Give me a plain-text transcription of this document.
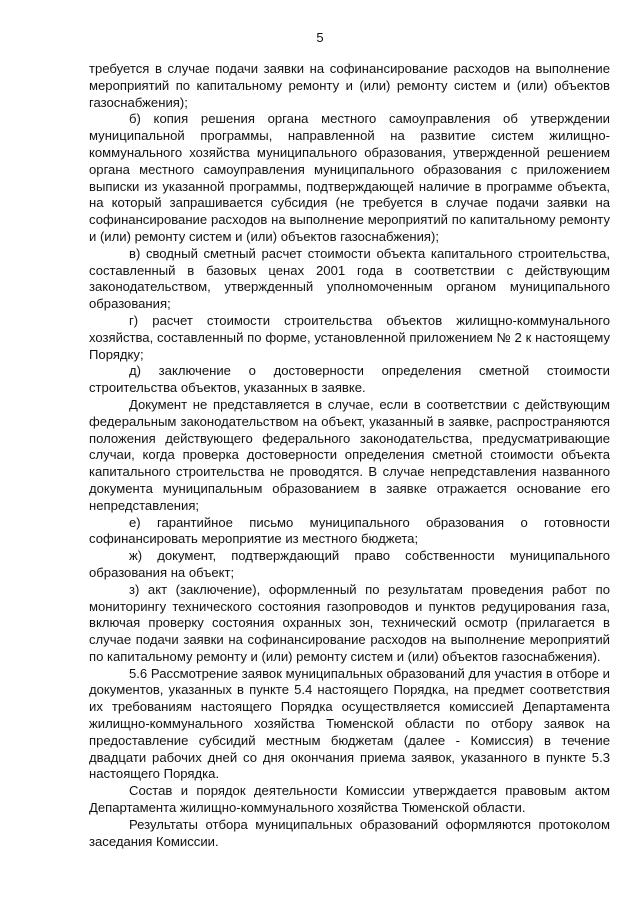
5

требуется в случае подачи заявки на софинансирование расходов на выполнение мероприятий по капитальному ремонту и (или) ремонту систем и (или) объектов газоснабжения);

б) копия решения органа местного самоуправления об утверждении муниципальной программы, направленной на развитие систем жилищно-коммунального хозяйства муниципального образования, утвержденной решением органа местного самоуправления муниципального образования с приложением выписки из указанной программы, подтверждающей наличие в программе объекта, на который запрашивается субсидия (не требуется в случае подачи заявки на софинансирование расходов на выполнение мероприятий по капитальному ремонту и (или) ремонту систем и (или) объектов газоснабжения);

в) сводный сметный расчет стоимости объекта капитального строительства, составленный в базовых ценах 2001 года в соответствии с действующим законодательством, утвержденный уполномоченным органом муниципального образования;

г) расчет стоимости строительства объектов жилищно-коммунального хозяйства, составленный по форме, установленной приложением № 2 к настоящему Порядку;

д) заключение о достоверности определения сметной стоимости строительства объектов, указанных в заявке.

Документ не представляется в случае, если в соответствии с действующим федеральным законодательством на объект, указанный в заявке, распространяются положения действующего федерального законодательства, предусматривающие случаи, когда проверка достоверности определения сметной стоимости объекта капитального строительства не проводятся. В случае непредставления названного документа муниципальным образованием в заявке отражается основание его непредставления;

е) гарантийное письмо муниципального образования о готовности софинансировать мероприятие из местного бюджета;

ж) документ, подтверждающий право собственности муниципального образования на объект;

з) акт (заключение), оформленный по результатам проведения работ по мониторингу технического состояния газопроводов и пунктов редуцирования газа, включая проверку состояния охранных зон, технический осмотр (прилагается в случае подачи заявки на софинансирование расходов на выполнение мероприятий по капитальному ремонту и (или) ремонту систем и (или) объектов газоснабжения).

5.6 Рассмотрение заявок муниципальных образований для участия в отборе и документов, указанных в пункте 5.4 настоящего Порядка, на предмет соответствия их требованиям настоящего Порядка осуществляется комиссией Департамента жилищно-коммунального хозяйства Тюменской области по отбору заявок на предоставление субсидий местным бюджетам (далее - Комиссия) в течение двадцати рабочих дней со дня окончания приема заявок, указанного в пункте 5.3 настоящего Порядка.

Состав и порядок деятельности Комиссии утверждается правовым актом Департамента жилищно-коммунального хозяйства Тюменской области.

Результаты отбора муниципальных образований оформляются протоколом заседания Комиссии.
